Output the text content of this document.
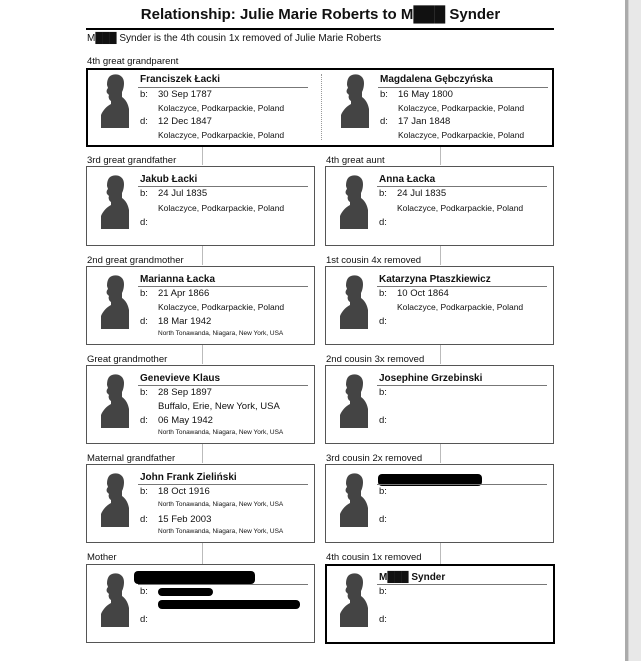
Relationship: Julie Marie Roberts to M███ Synder
M███ Synder is the 4th cousin 1x removed of Julie Marie Roberts
4th great grandparent
Franciszek Łacki
b: 30 Sep 1787
Kolaczyce, Podkarpackie, Poland
d: 12 Dec 1847
Kolaczyce, Podkarpackie, Poland
Magdalena Gębczyńska
b: 16 May 1800
Kolaczyce, Podkarpackie, Poland
d: 17 Jan 1848
Kolaczyce, Podkarpackie, Poland
3rd great grandfather	4th great aunt
Jakub Łacki
b: 24 Jul 1835
Kolaczyce, Podkarpackie, Poland
d:
Anna Łacka
b: 24 Jul 1835
Kolaczyce, Podkarpackie, Poland
d:
2nd great grandmother	1st cousin 4x removed
Marianna Łacka
b: 21 Apr 1866
Kolaczyce, Podkarpackie, Poland
d: 18 Mar 1942
North Tonawanda, Niagara, New York, USA
Katarzyna Ptaszkiewicz
b: 10 Oct 1864
Kolaczyce, Podkarpackie, Poland
d:
Great grandmother	2nd cousin 3x removed
Genevieve Klaus
b: 28 Sep 1897
Buffalo, Erie, New York, USA
d: 06 May 1942
North Tonawanda, Niagara, New York, USA
Josephine Grzebinski
b:
d:
Maternal grandfather	3rd cousin 2x removed
John Frank Zieliński
b: 18 Oct 1916
North Tonawanda, Niagara, New York, USA
d: 15 Feb 2003
North Tonawanda, Niagara, New York, USA
b:
d:
Mother	4th cousin 1x removed
b:
d:
M███ Synder
b:
d:
